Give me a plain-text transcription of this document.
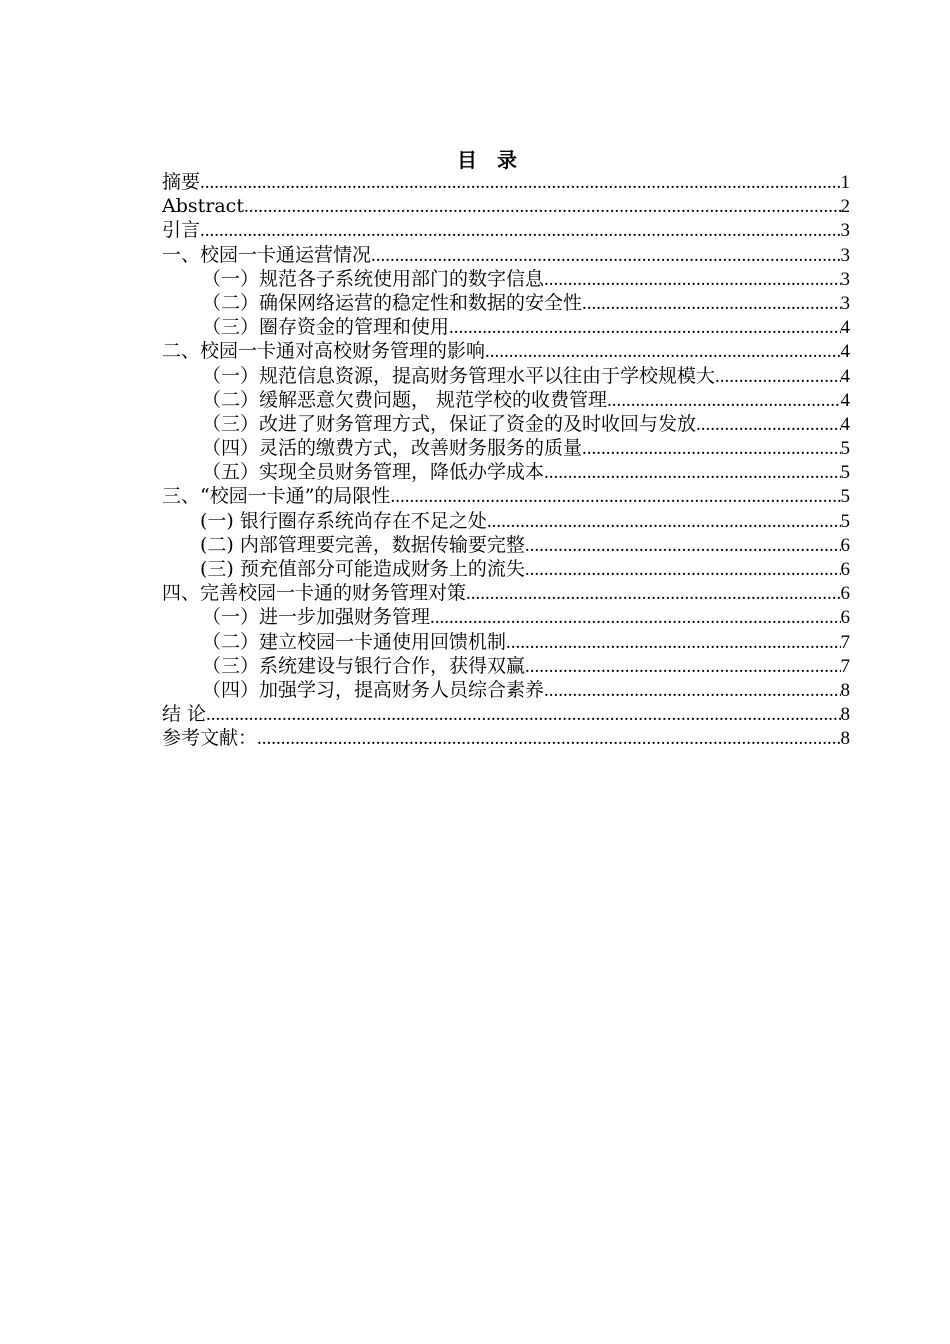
目　录
摘要 .....	1
Abstract .....	2
引言 .....	3
一、校园一卡通运营情况 .....	3
（一）规范各子系统使用部门的数字信息 .....	3
（二）确保网络运营的稳定性和数据的安全性 .....	3
（三）圈存资金的管理和使用 .....	4
二、校园一卡通对高校财务管理的影响 .....	4
（一）规范信息资源，提高财务管理水平以往由于学校规模大 .....	4
（二）缓解恶意欠费问题， 规范学校的收费管理 .....	4
（三）改进了财务管理方式，保证了资金的及时收回与发放 .....	4
（四）灵活的缴费方式，改善财务服务的质量 .....	5
（五）实现全员财务管理，降低办学成本 .....	5
三、“校园一卡通”的局限性 .....	5
(一) 银行圈存系统尚存在不足之处 .....	5
(二) 内部管理要完善，数据传输要完整 .....	6
(三) 预充值部分可能造成财务上的流失 .....	6
四、完善校园一卡通的财务管理对策 .....	6
（一）进一步加强财务管理 .....	6
（二）建立校园一卡通使用回馈机制 .....	7
（三）系统建设与银行合作，获得双赢 .....	7
（四）加强学习，提高财务人员综合素养 .....	8
结 论 .....	8
参考文献： .....	8
